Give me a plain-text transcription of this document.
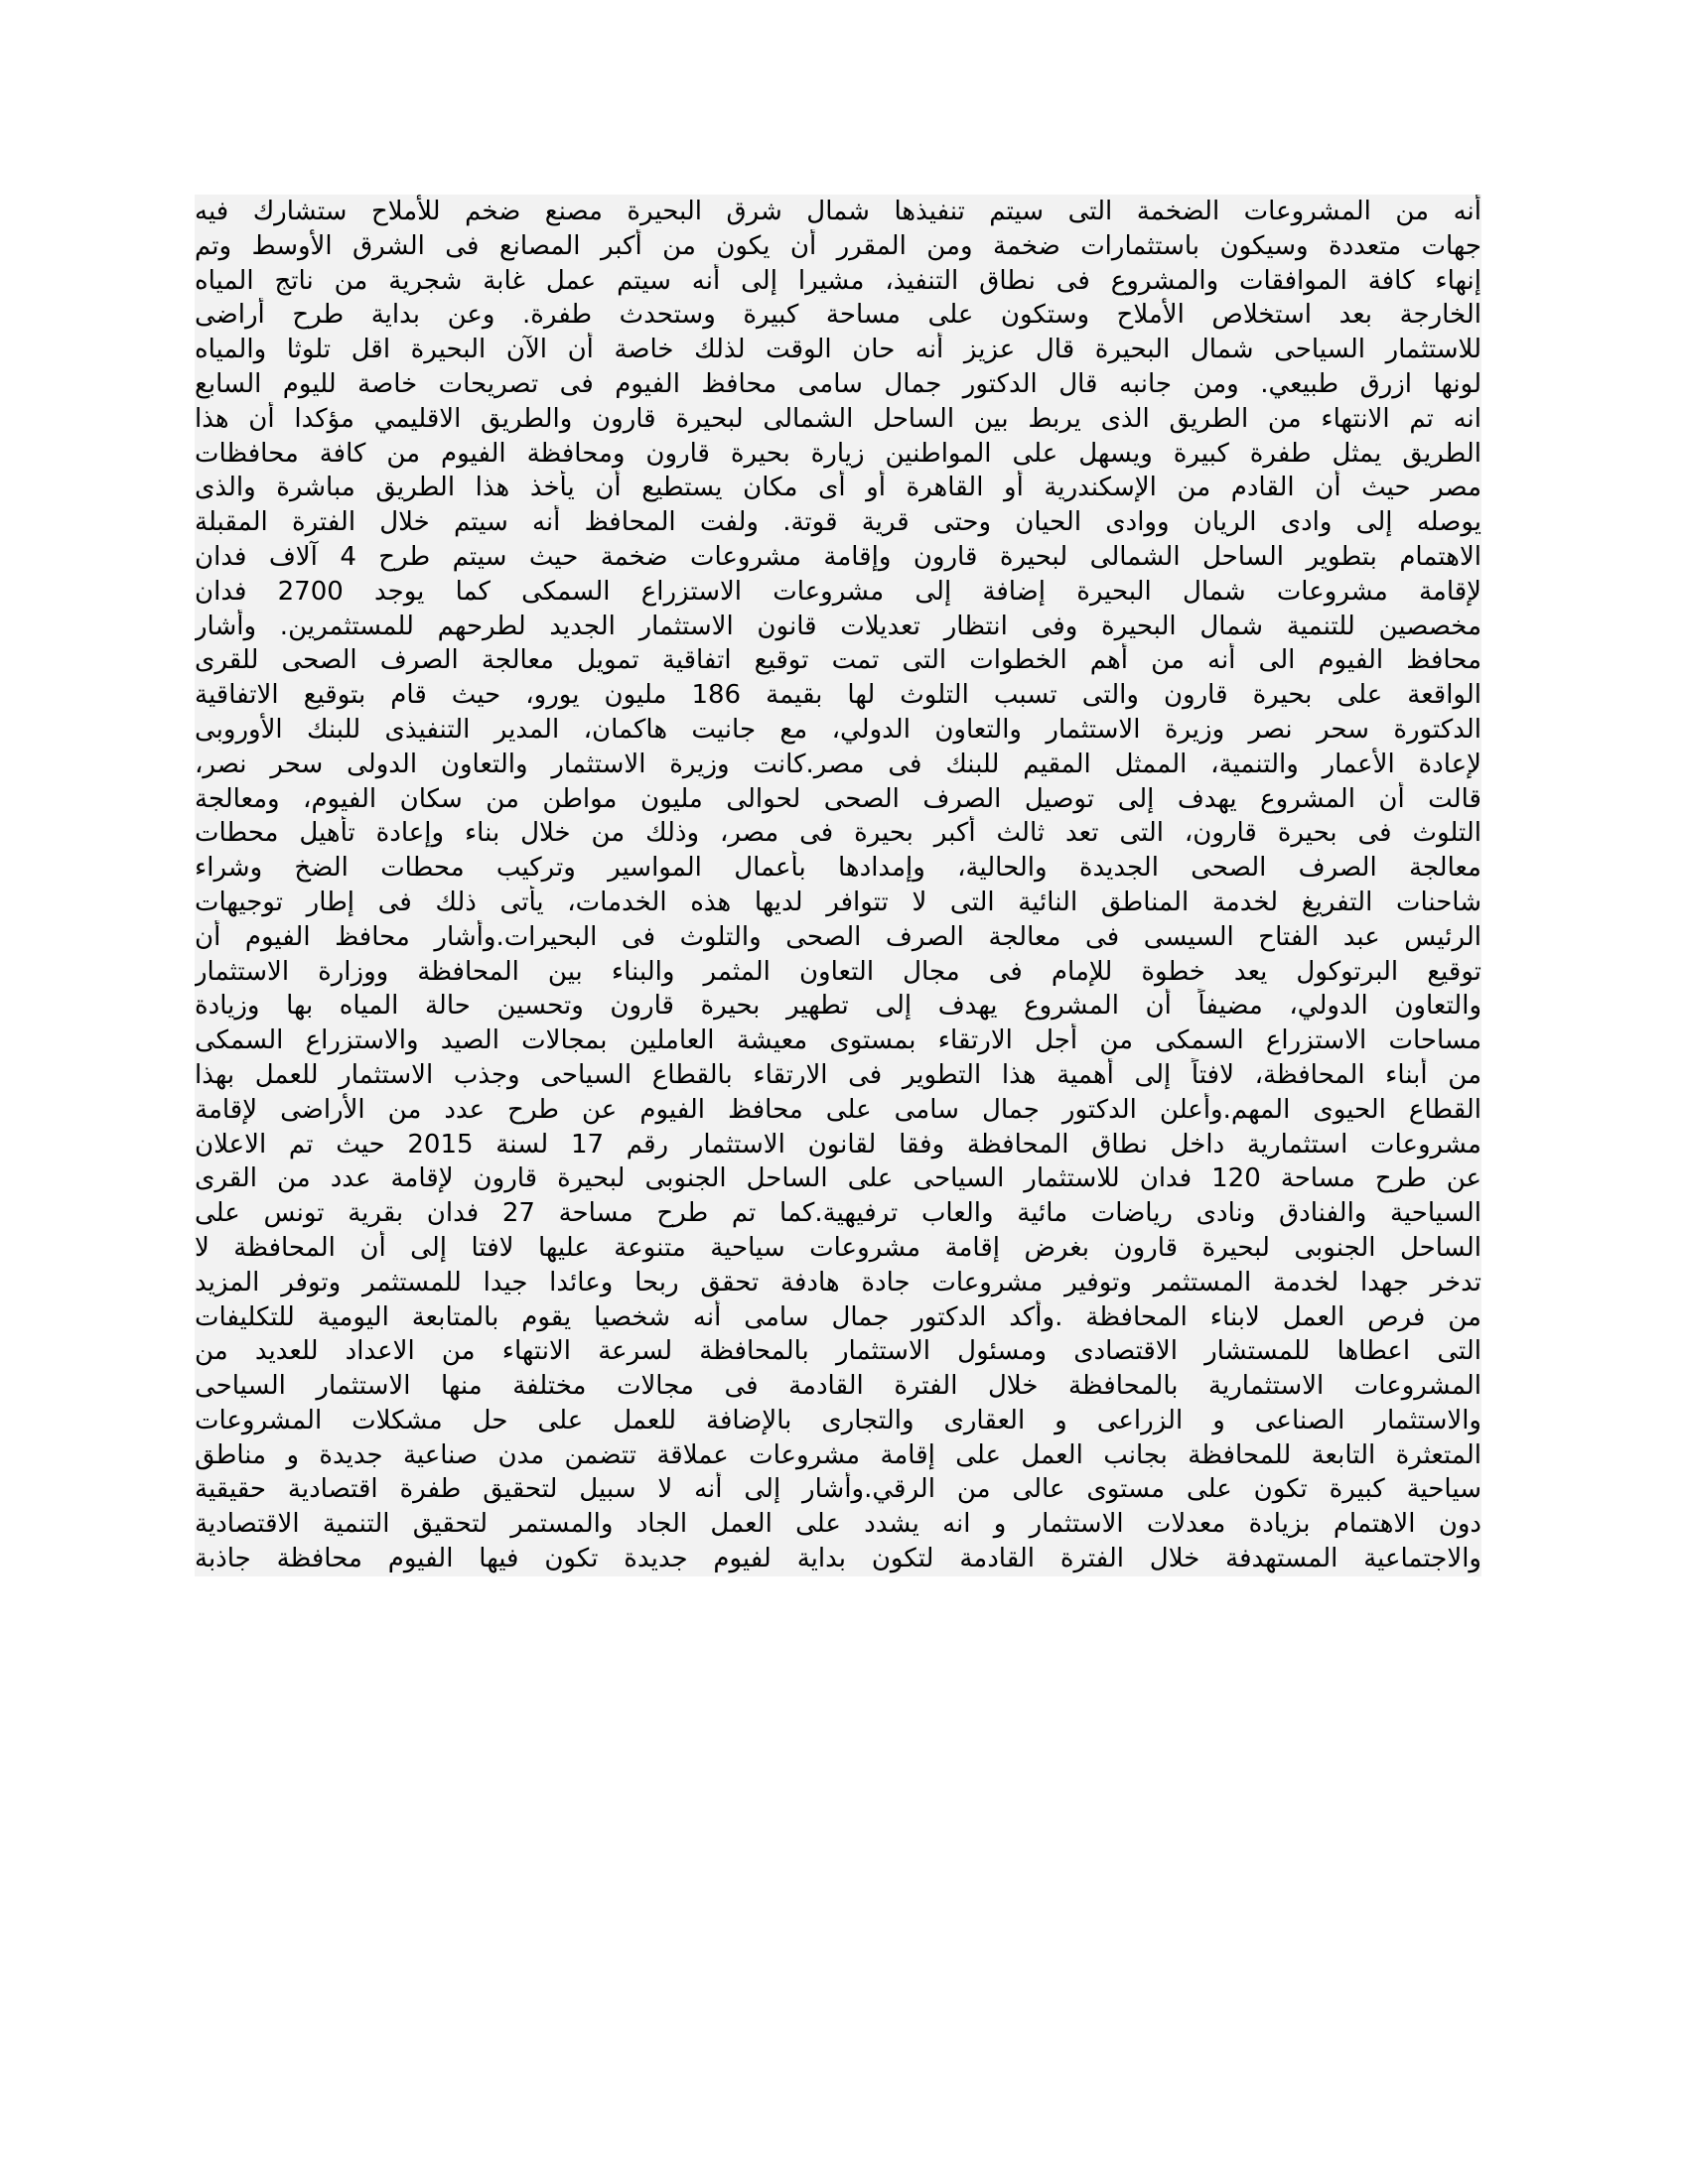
أنه من المشروعات الضخمة التى سيتم تنفيذها شمال شرق البحيرة مصنع ضخم للأملاح ستشارك فيه
جهات متعددة وسيكون باستثمارات ضخمة ومن المقرر أن يكون من أكبر المصانع فى الشرق الأوسط وتم
إنهاء كافة الموافقات والمشروع فى نطاق التنفيذ، مشيرا إلى أنه سيتم عمل غابة شجرية من ناتج المياه
الخارجة بعد استخلاص الأملاح وستكون على مساحة كبيرة وستحدث طفرة. وعن بداية طرح أراضى
للاستثمار السياحى شمال البحيرة قال عزيز أنه حان الوقت لذلك خاصة أن الآن البحيرة اقل تلوثا والمياه
لونها ازرق طبيعي. ومن جانبه قال الدكتور جمال سامى محافظ الفيوم فى تصريحات خاصة لليوم السابع
انه تم الانتهاء من الطريق الذى يربط بين الساحل الشمالى لبحيرة قارون والطريق الاقليمي مؤكدا أن هذا
الطريق يمثل طفرة كبيرة ويسهل على المواطنين زيارة بحيرة قارون ومحافظة الفيوم من كافة محافظات
مصر حيث أن القادم من الإسكندرية أو القاهرة أو أى مكان يستطيع أن يأخذ هذا الطريق مباشرة والذى
يوصله إلى وادى الريان ووادى الحيان وحتى قرية قوتة. ولفت المحافظ أنه سيتم خلال الفترة المقبلة
الاهتمام بتطوير الساحل الشمالى لبحيرة قارون وإقامة مشروعات ضخمة حيث سيتم طرح 4 آلاف فدان
لإقامة مشروعات شمال البحيرة إضافة إلى مشروعات الاستزراع السمكى كما يوجد 2700 فدان
مخصصين للتنمية شمال البحيرة وفى انتظار تعديلات قانون الاستثمار الجديد لطرحهم للمستثمرين. وأشار
محافظ الفيوم الى أنه من أهم الخطوات التى تمت توقيع اتفاقية تمويل معالجة الصرف الصحى للقرى
الواقعة على بحيرة قارون والتى تسبب التلوث لها بقيمة 186 مليون يورو، حيث قام بتوقيع الاتفاقية
الدكتورة سحر نصر وزيرة الاستثمار والتعاون الدولي، مع جانيت هاكمان، المدير التنفيذى للبنك الأوروبى
لإعادة الأعمار والتنمية، الممثل المقيم للبنك فى مصر.كانت وزيرة الاستثمار والتعاون الدولى سحر نصر،
قالت أن المشروع يهدف إلى توصيل الصرف الصحى لحوالى مليون مواطن من سكان الفيوم، ومعالجة
التلوث فى بحيرة قارون، التى تعد ثالث أكبر بحيرة فى مصر، وذلك من خلال بناء وإعادة تأهيل محطات
معالجة الصرف الصحى الجديدة والحالية، وإمدادها بأعمال المواسير وتركيب محطات الضخ وشراء
شاحنات التفريغ لخدمة المناطق النائية التى لا تتوافر لديها هذه الخدمات، يأتى ذلك فى إطار توجيهات
الرئيس عبد الفتاح السيسى فى معالجة الصرف الصحى والتلوث فى البحيرات.وأشار محافظ الفيوم أن
توقيع البرتوكول يعد خطوة للإمام فى مجال التعاون المثمر والبناء بين المحافظة ووزارة الاستثمار
والتعاون الدولي، مضيفاً أن المشروع يهدف إلى تطهير بحيرة قارون وتحسين حالة المياه بها وزيادة
مساحات الاستزراع السمكى من أجل الارتقاء بمستوى معيشة العاملين بمجالات الصيد والاستزراع السمكى
من أبناء المحافظة، لافتاً إلى أهمية هذا التطوير فى الارتقاء بالقطاع السياحى وجذب الاستثمار للعمل بهذا
القطاع الحيوى المهم.وأعلن الدكتور جمال سامى على محافظ الفيوم عن طرح عدد من الأراضى لإقامة
مشروعات استثمارية داخل نطاق المحافظة وفقا لقانون الاستثمار رقم 17 لسنة 2015 حيث تم الاعلان
عن طرح مساحة 120 فدان للاستثمار السياحى على الساحل الجنوبى لبحيرة قارون لإقامة عدد من القرى
السياحية والفنادق ونادى رياضات مائية والعاب ترفيهية.كما تم طرح مساحة 27 فدان بقرية تونس على
الساحل الجنوبى لبحيرة قارون بغرض إقامة مشروعات سياحية متنوعة عليها لافتا إلى أن المحافظة لا
تدخر جهدا لخدمة المستثمر وتوفير مشروعات جادة هادفة تحقق ربحا وعائدا جيدا للمستثمر وتوفر المزيد
من فرص العمل لابناء المحافظة .وأكد الدكتور جمال سامى أنه شخصيا يقوم بالمتابعة اليومية للتكليفات
التى اعطاها للمستشار الاقتصادى ومسئول الاستثمار بالمحافظة لسرعة الانتهاء من الاعداد للعديد من
المشروعات الاستثمارية بالمحافظة خلال الفترة القادمة فى مجالات مختلفة منها الاستثمار السياحى
والاستثمار الصناعى و الزراعى و العقارى والتجارى بالإضافة للعمل على حل مشكلات المشروعات
المتعثرة التابعة للمحافظة بجانب العمل على إقامة مشروعات عملاقة تتضمن مدن صناعية جديدة و مناطق
سياحية كبيرة تكون على مستوى عالى من الرقي.وأشار إلى أنه لا سبيل لتحقيق طفرة اقتصادية حقيقية
دون الاهتمام بزيادة معدلات الاستثمار و انه يشدد على العمل الجاد والمستمر لتحقيق التنمية الاقتصادية
والاجتماعية المستهدفة خلال الفترة القادمة لتكون بداية لفيوم جديدة تكون فيها الفيوم محافظة جاذبة
